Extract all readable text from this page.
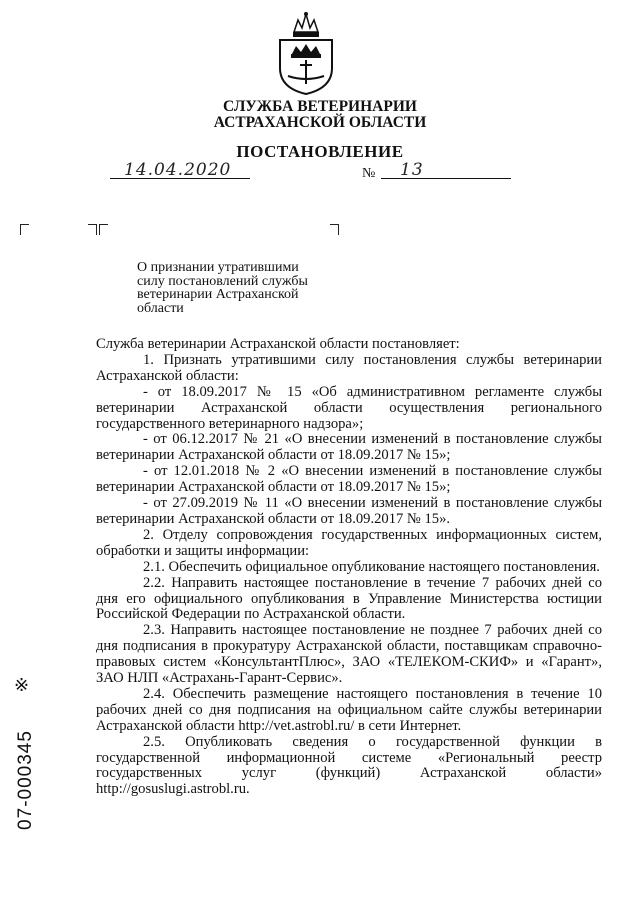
СЛУЖБА ВЕТЕРИНАРИИ
АСТРАХАНСКОЙ ОБЛАСТИ
ПОСТАНОВЛЕНИЕ
14.04.2020	№ 13
О признании утратившими
силу постановлений службы
ветеринарии Астраханской
области

Служба ветеринарии Астраханской области постановляет:

1. Признать утратившими силу постановления службы ветеринарии Астраханской области:

- от 18.09.2017 № 15 «Об административном регламенте службы ветеринарии Астраханской области осуществления регионального государственного ветеринарного надзора»;

- от 06.12.2017 № 21 «О внесении изменений в постановление службы ветеринарии Астраханской области от 18.09.2017 № 15»;

- от 12.01.2018 № 2 «О внесении изменений в постановление службы ветеринарии Астраханской области от 18.09.2017 № 15»;

- от 27.09.2019 № 11 «О внесении изменений в постановление службы ветеринарии Астраханской области от 18.09.2017 № 15».

2. Отделу сопровождения государственных информационных систем, обработки и защиты информации:

2.1. Обеспечить официальное опубликование настоящего постановления.

2.2. Направить настоящее постановление в течение 7 рабочих дней со дня его официального опубликования в Управление Министерства юстиции Российской Федерации по Астраханской области.

2.3. Направить настоящее постановление не позднее 7 рабочих дней со дня подписания в прокуратуру Астраханской области, поставщикам справочно-правовых систем «КонсультантПлюс», ЗАО «ТЕЛЕКОМ-СКИФ» и «Гарант», ЗАО НЛП «Астрахань-Гарант-Сервис».

2.4. Обеспечить размещение настоящего постановления в течение 10 рабочих дней со дня подписания на официальном сайте службы ветеринарии Астраханской области http://vet.astrobl.ru/ в сети Интернет.

2.5. Опубликовать сведения о государственной функции в государственной информационной системе «Региональный реестр государственных услуг (функций) Астраханской области» http://gosuslugi.astrobl.ru.

※
07-000345
